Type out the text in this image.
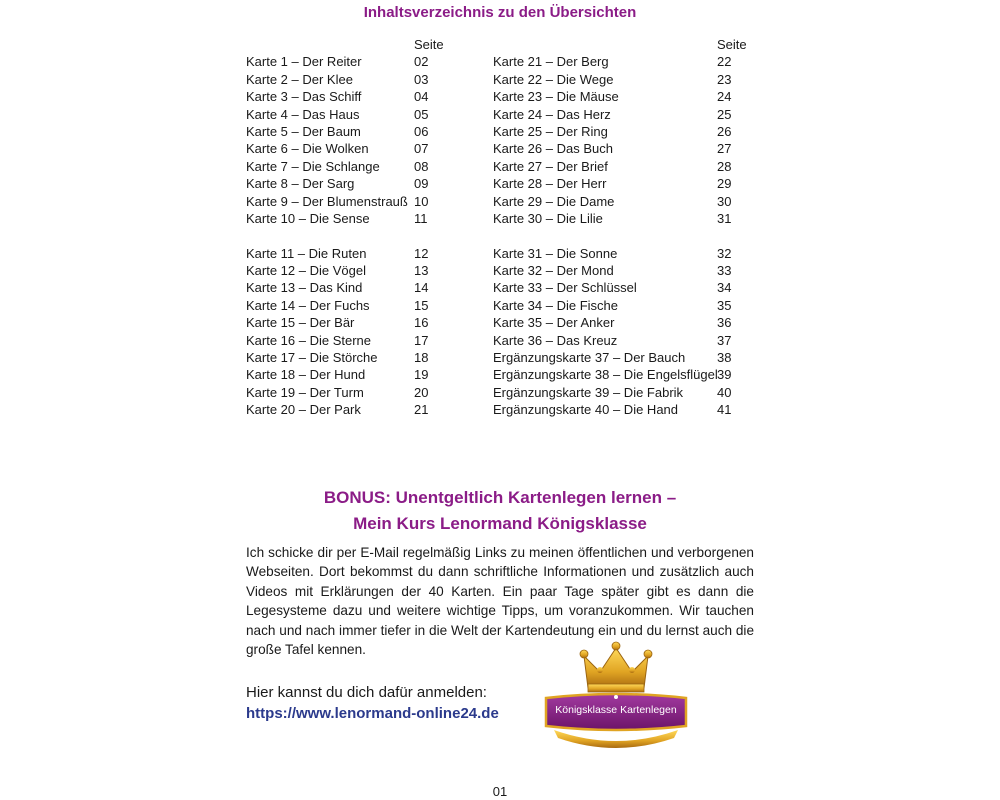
Inhaltsverzeichnis zu den Übersichten
Seite
Karte 1 – Der Reiter	02
Karte 2 – Der Klee	03
Karte 3 – Das Schiff	04
Karte 4 – Das Haus	05
Karte 5 – Der Baum	06
Karte 6 – Die Wolken	07
Karte 7 – Die Schlange	08
Karte 8 – Der Sarg	09
Karte 9 – Der Blumenstrauß 10
Karte 10 – Die Sense	11
Karte 11 – Die Ruten	12
Karte 12 – Die Vögel	13
Karte 13 – Das Kind	14
Karte 14 – Der Fuchs	15
Karte 15 – Der Bär	16
Karte 16 – Die Sterne	17
Karte 17 – Die Störche	18
Karte 18 – Der Hund	19
Karte 19 – Der Turm	20
Karte 20 – Der Park	21
Seite
Karte 21 – Der Berg	22
Karte 22 – Die Wege	23
Karte 23 – Die Mäuse	24
Karte 24 – Das Herz	25
Karte 25 – Der Ring	26
Karte 26 – Das Buch	27
Karte 27 – Der Brief	28
Karte 28 – Der Herr	29
Karte 29 – Die Dame	30
Karte 30 – Die Lilie	31
Karte 31 – Die Sonne	32
Karte 32 – Der Mond	33
Karte 33 – Der Schlüssel	34
Karte 34 – Die Fische	35
Karte 35 – Der Anker	36
Karte 36 – Das Kreuz	37
Ergänzungskarte 37 – Der Bauch 38
Ergänzungskarte 38 – Die Engelsflügel 39
Ergänzungskarte 39 – Die Fabrik	40
Ergänzungskarte 40 – Die Hand	41
BONUS: Unentgeltlich Kartenlegen lernen –
Mein Kurs Lenormand Königsklasse
Ich schicke dir per E-Mail regelmäßig Links zu meinen öffentlichen und verborgenen Webseiten. Dort bekommst du dann schriftliche Informationen und zusätzlich auch Videos mit Erklärungen der 40 Karten. Ein paar Tage später gibt es dann die Legesysteme dazu und weitere wichtige Tipps, um voranzukommen. Wir tauchen nach und nach immer tiefer in die Welt der Kartendeutung ein und du lernst auch die große Tafel kennen.
Hier kannst du dich dafür anmelden:
https://www.lenormand-online24.de	Königsklasse Kartenlegen
01
